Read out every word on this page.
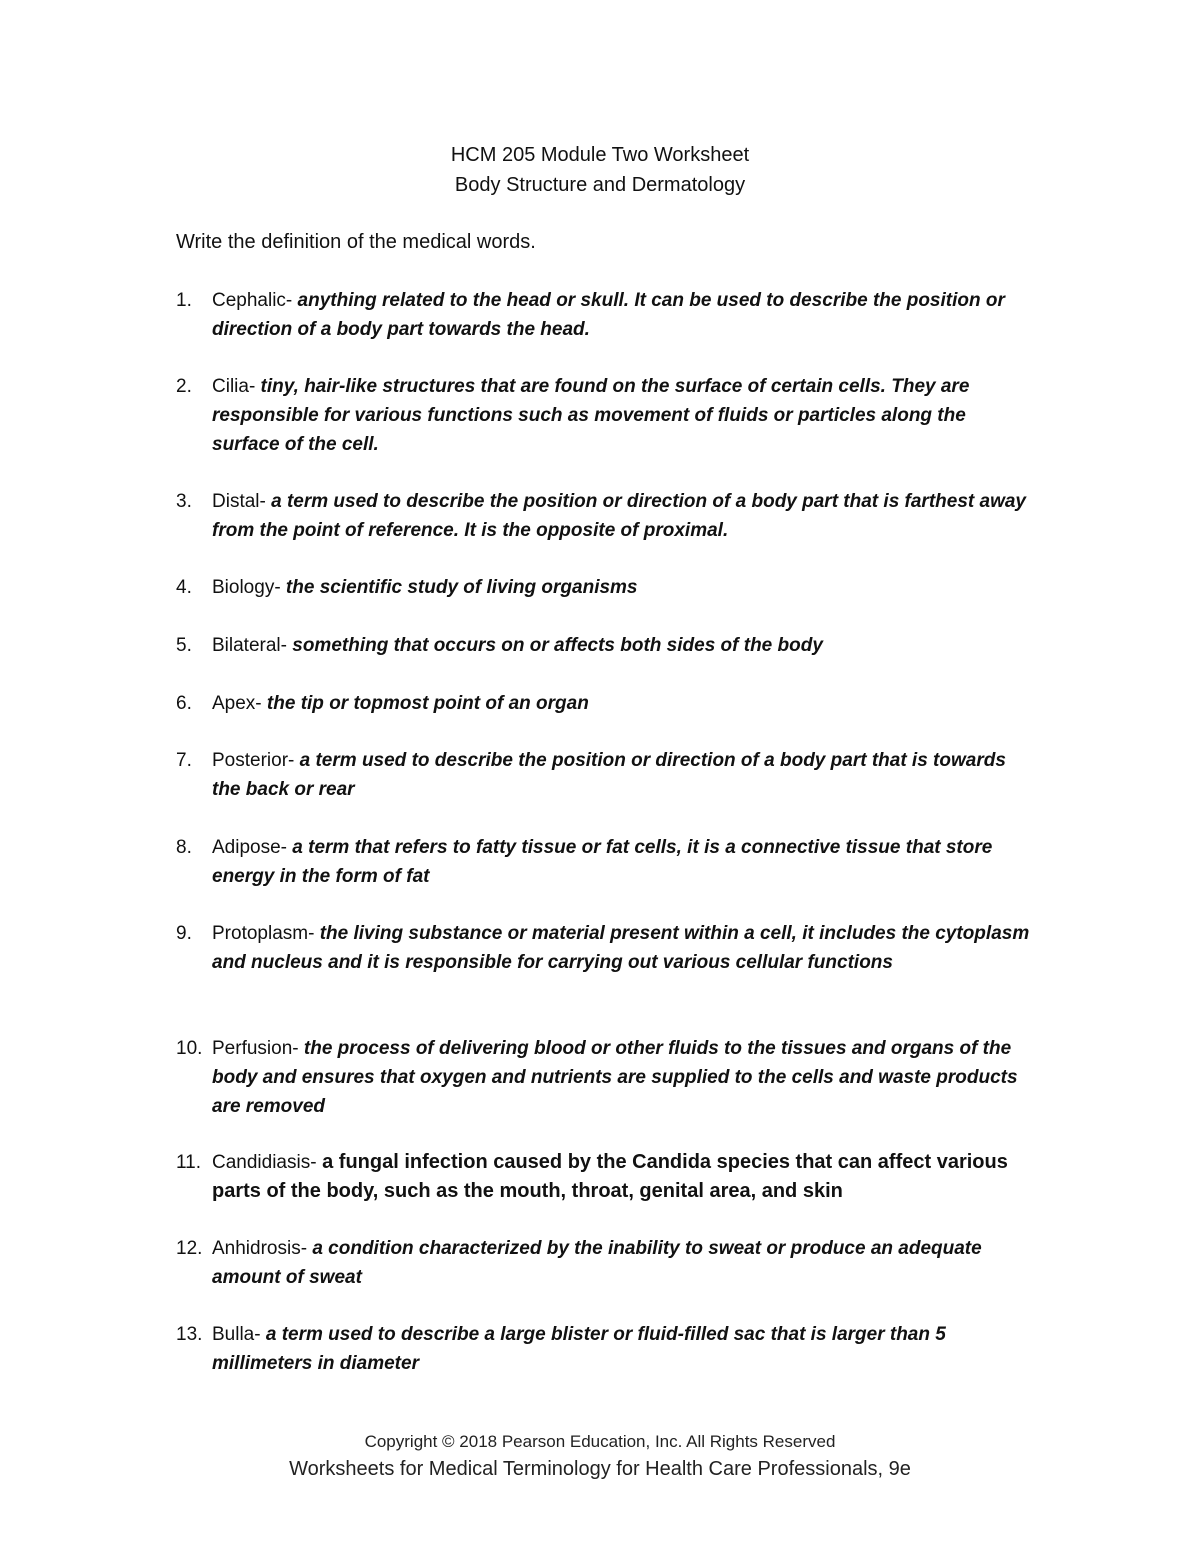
HCM 205 Module Two Worksheet
Body Structure and Dermatology
Write the definition of the medical words.
1.	Cephalic- anything related to the head or skull. It can be used to describe the position or direction of a body part towards the head.
2.	Cilia- tiny, hair-like structures that are found on the surface of certain cells. They are responsible for various functions such as movement of fluids or particles along the surface of the cell.
3.	Distal- a term used to describe the position or direction of a body part that is farthest away from the point of reference. It is the opposite of proximal.
4.	Biology- the scientific study of living organisms
5.	Bilateral- something that occurs on or affects both sides of the body
6.	Apex- the tip or topmost point of an organ
7.	Posterior- a term used to describe the position or direction of a body part that is towards the back or rear
8.	Adipose- a term that refers to fatty tissue or fat cells, it is a connective tissue that store energy in the form of fat
9.	Protoplasm- the living substance or material present within a cell, it includes the cytoplasm and nucleus and it is responsible for carrying out various cellular functions
10. Perfusion- the process of delivering blood or other fluids to the tissues and organs of the body and ensures that oxygen and nutrients are supplied to the cells and waste products are removed
11. Candidiasis- a fungal infection caused by the Candida species that can affect various parts of the body, such as the mouth, throat, genital area, and skin
12. Anhidrosis- a condition characterized by the inability to sweat or produce an adequate amount of sweat
13. Bulla- a term used to describe a large blister or fluid-filled sac that is larger than 5 millimeters in diameter
Copyright © 2018 Pearson Education, Inc. All Rights Reserved
Worksheets for Medical Terminology for Health Care Professionals, 9e
